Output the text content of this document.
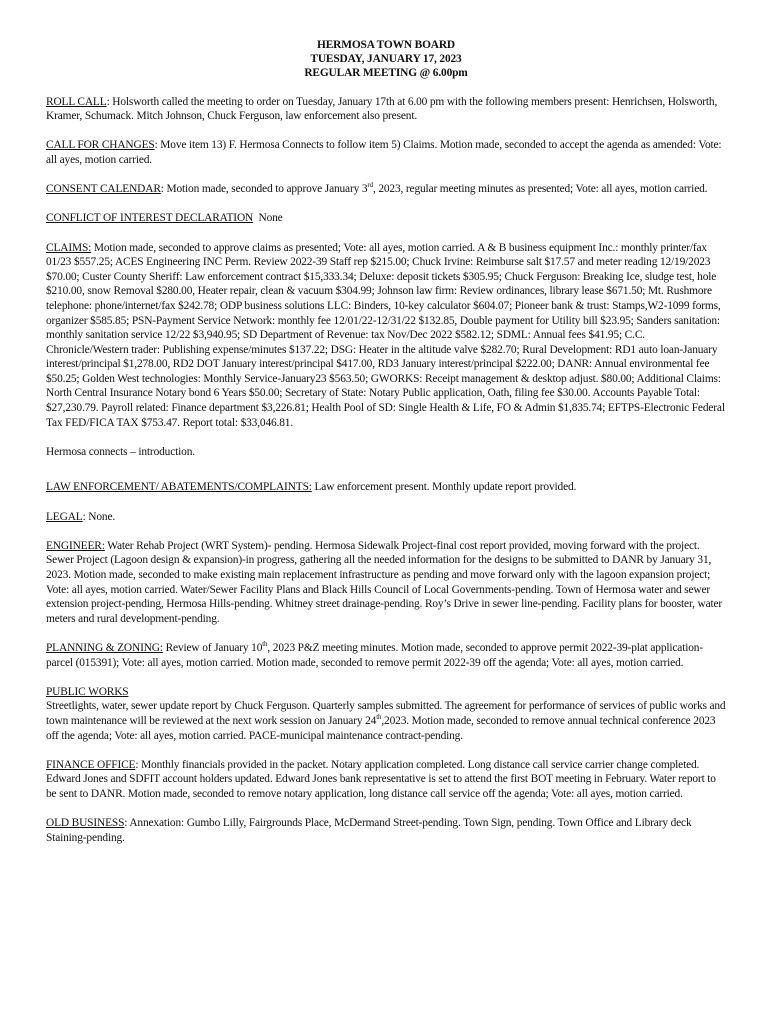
HERMOSA TOWN BOARD
TUESDAY, JANUARY 17, 2023
REGULAR MEETING @ 6.00pm

ROLL CALL: Holsworth called the meeting to order on Tuesday, January 17th at 6.00 pm with the following members present: Henrichsen, Holsworth, Kramer, Schumack. Mitch Johnson, Chuck Ferguson, law enforcement also present.

CALL FOR CHANGES: Move item 13) F. Hermosa Connects to follow item 5) Claims. Motion made, seconded to accept the agenda as amended: Vote: all ayes, motion carried.

CONSENT CALENDAR: Motion made, seconded to approve January 3rd, 2023, regular meeting minutes as presented; Vote: all ayes, motion carried.

CONFLICT OF INTEREST DECLARATION  None

CLAIMS: Motion made, seconded to approve claims as presented; Vote: all ayes, motion carried. A & B business equipment Inc.: monthly printer/fax 01/23 $557.25; ACES Engineering INC Perm. Review 2022-39 Staff rep $215.00; Chuck Irvine: Reimburse salt $17.57 and meter reading 12/19/2023 $70.00; Custer County Sheriff: Law enforcement contract $15,333.34; Deluxe: deposit tickets $305.95; Chuck Ferguson: Breaking Ice, sludge test, hole $210.00, snow Removal $280.00, Heater repair, clean & vacuum $304.99; Johnson law firm: Review ordinances, library lease $671.50; Mt. Rushmore telephone: phone/internet/fax $242.78; ODP business solutions LLC: Binders, 10-key calculator $604.07; Pioneer bank & trust: Stamps,W2-1099 forms, organizer $585.85; PSN-Payment Service Network: monthly fee 12/01/22-12/31/22 $132.85, Double payment for Utility bill $23.95; Sanders sanitation: monthly sanitation service 12/22 $3,940.95; SD Department of Revenue: tax Nov/Dec 2022 $582.12; SDML: Annual fees $41.95; C.C. Chronicle/Western trader: Publishing expense/minutes $137.22; DSG: Heater in the altitude valve $282.70; Rural Development: RD1 auto loan-January interest/principal $1,278.00, RD2 DOT January interest/principal $417.00, RD3 January interest/principal $222.00; DANR: Annual environmental fee $50.25; Golden West technologies: Monthly Service-January23 $563.50; GWORKS: Receipt management & desktop adjust. $80.00; Additional Claims: North Central Insurance Notary bond 6 Years $50.00; Secretary of State: Notary Public application, Oath, filing fee $30.00. Accounts Payable Total: $27,230.79. Payroll related: Finance department $3,226.81; Health Pool of SD: Single Health & Life, FO & Admin $1,835.74; EFTPS-Electronic Federal Tax FED/FICA TAX $753.47. Report total: $33,046.81.

Hermosa connects – introduction.

LAW ENFORCEMENT/ ABATEMENTS/COMPLAINTS: Law enforcement present. Monthly update report provided.

LEGAL: None.

ENGINEER: Water Rehab Project (WRT System)- pending. Hermosa Sidewalk Project-final cost report provided, moving forward with the project. Sewer Project (Lagoon design & expansion)-in progress, gathering all the needed information for the designs to be submitted to DANR by January 31, 2023. Motion made, seconded to make existing main replacement infrastructure as pending and move forward only with the lagoon expansion project; Vote: all ayes, motion carried. Water/Sewer Facility Plans and Black Hills Council of Local Governments-pending. Town of Hermosa water and sewer extension project-pending, Hermosa Hills-pending. Whitney street drainage-pending. Roy’s Drive in sewer line-pending. Facility plans for booster, water meters and rural development-pending.

PLANNING & ZONING: Review of January 10th, 2023 P&Z meeting minutes. Motion made, seconded to approve permit 2022-39-plat application- parcel (015391); Vote: all ayes, motion carried. Motion made, seconded to remove permit 2022-39 off the agenda; Vote: all ayes, motion carried.

PUBLIC WORKS
Streetlights, water, sewer update report by Chuck Ferguson. Quarterly samples submitted. The agreement for performance of services of public works and town maintenance will be reviewed at the next work session on January 24th,2023. Motion made, seconded to remove annual technical conference 2023 off the agenda; Vote: all ayes, motion carried. PACE-municipal maintenance contract-pending.

FINANCE OFFICE: Monthly financials provided in the packet. Notary application completed. Long distance call service carrier change completed. Edward Jones and SDFIT account holders updated. Edward Jones bank representative is set to attend the first BOT meeting in February. Water report to be sent to DANR. Motion made, seconded to remove notary application, long distance call service off the agenda; Vote: all ayes, motion carried.

OLD BUSINESS: Annexation: Gumbo Lilly, Fairgrounds Place, McDermand Street-pending. Town Sign, pending. Town Office and Library deck Staining-pending.
